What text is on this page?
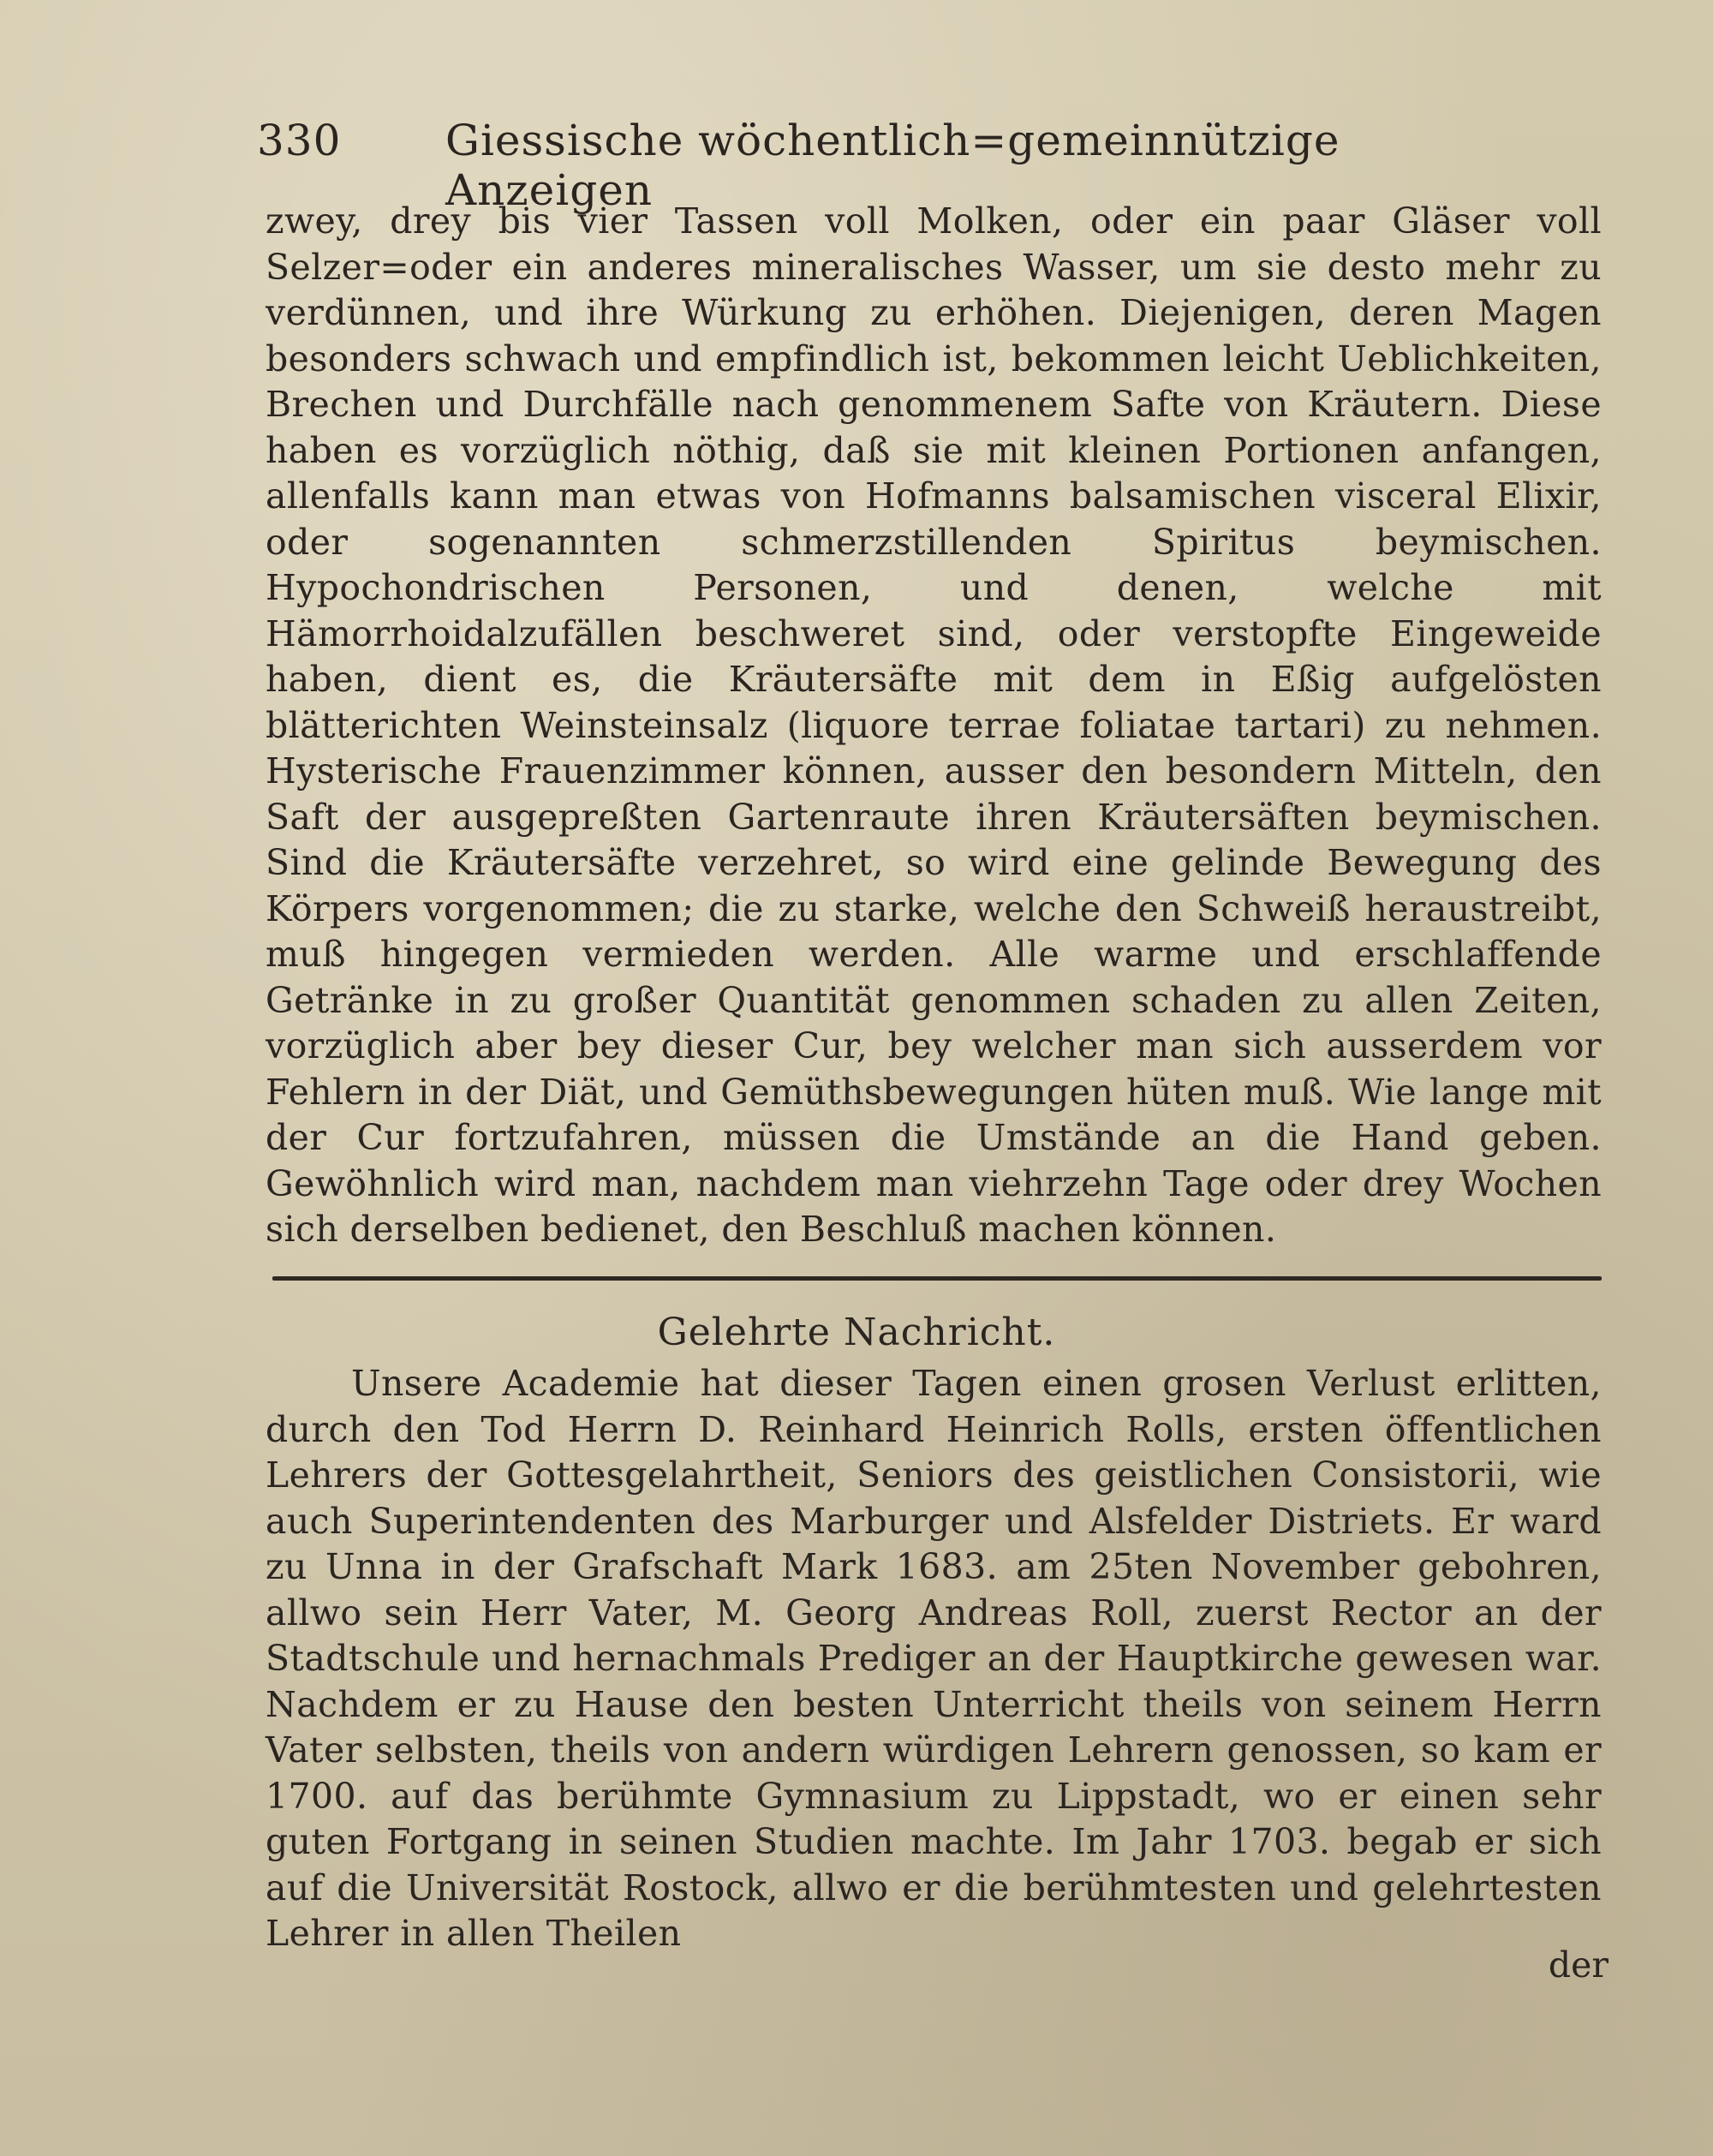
330 Giessische wöchentlich=gemeinnützige Anzeigen
zwey, drey bis vier Tassen voll Molken, oder ein paar Gläser voll Selzer=oder ein anderes mineralisches Wasser, um sie desto mehr zu verdünnen, und ihre Würkung zu erhöhen. Diejenigen, deren Magen besonders schwach und empfindlich ist, bekommen leicht Ueblichkeiten, Brechen und Durchfälle nach genommenem Safte von Kräutern. Diese haben es vorzüglich nöthig, daß sie mit kleinen Portionen anfangen, allenfalls kann man etwas von Hofmanns balsamischen visceral Elixir, oder sogenannten schmerzstillenden Spiritus beymischen. Hypochondrischen Personen, und denen, welche mit Hämorrhoidalzufällen beschweret sind, oder verstopfte Eingeweide haben, dient es, die Kräutersäfte mit dem in Eßig aufgelösten blätterichten Weinsteinsalz (liquore terrae foliatae tartari) zu nehmen. Hysterische Frauenzimmer können, ausser den besondern Mitteln, den Saft der ausgepreßten Gartenraute ihren Kräutersäften beymischen. Sind die Kräutersäfte verzehret, so wird eine gelinde Bewegung des Körpers vorgenommen; die zu starke, welche den Schweiß heraustreibt, muß hingegen vermieden werden. Alle warme und erschlaffende Getränke in zu großer Quantität genommen schaden zu allen Zeiten, vorzüglich aber bey dieser Cur, bey welcher man sich ausserdem vor Fehlern in der Diät, und Gemüthsbewegungen hüten muß. Wie lange mit der Cur fortzufahren, müssen die Umstände an die Hand geben. Gewöhnlich wird man, nachdem man viehrzehn Tage oder drey Wochen sich derselben bedienet, den Beschluß machen können.
Gelehrte Nachricht.
Unsere Academie hat dieser Tagen einen grosen Verlust erlitten, durch den Tod Herrn D. Reinhard Heinrich Rolls, ersten öffentlichen Lehrers der Gottesgelahrtheit, Seniors des geistlichen Consistorii, wie auch Superintendenten des Marburger und Alsfelder Distriets. Er ward zu Unna in der Grafschaft Mark 1683. am 25ten November gebohren, allwo sein Herr Vater, M. Georg Andreas Roll, zuerst Rector an der Stadtschule und hernachmals Prediger an der Hauptkirche gewesen war. Nachdem er zu Hause den besten Unterricht theils von seinem Herrn Vater selbsten, theils von andern würdigen Lehrern genossen, so kam er 1700. auf das berühmte Gymnasium zu Lippstadt, wo er einen sehr guten Fortgang in seinen Studien machte. Im Jahr 1703. begab er sich auf die Universität Rostock, allwo er die berühmtesten und gelehrtesten Lehrer in allen Theilen
der
